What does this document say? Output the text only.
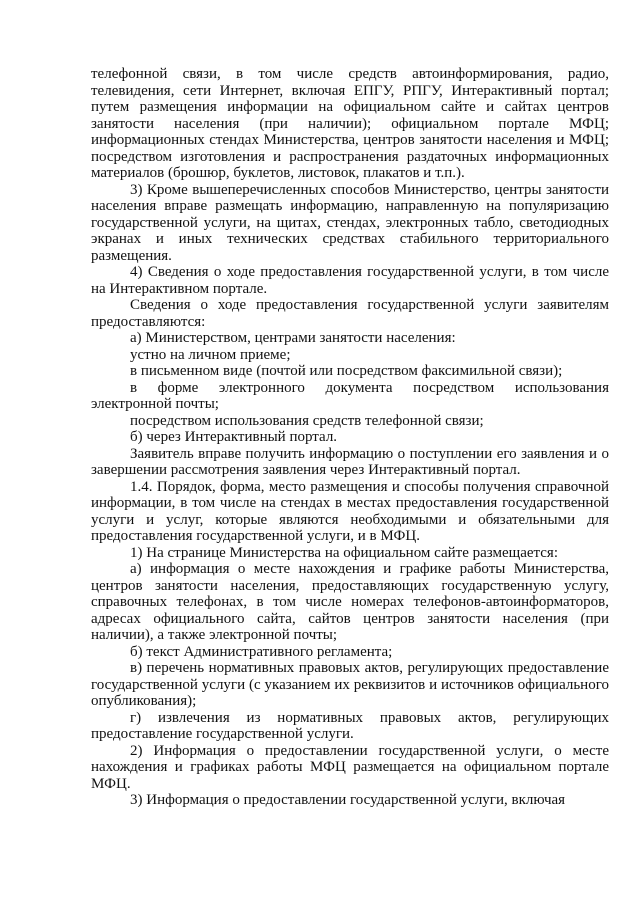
телефонной связи, в том числе средств автоинформирования, радио, телевидения, сети Интернет, включая ЕПГУ, РПГУ, Интерактивный портал; путем размещения информации на официальном сайте и сайтах центров занятости населения (при наличии); официальном портале МФЦ; информационных стендах Министерства, центров занятости населения и МФЦ; посредством изготовления и распространения раздаточных информационных материалов (брошюр, буклетов, листовок, плакатов и т.п.).

3) Кроме вышеперечисленных способов Министерство, центры занятости населения вправе размещать информацию, направленную на популяризацию государственной услуги, на щитах, стендах, электронных табло, светодиодных экранах и иных технических средствах стабильного территориального размещения.

4) Сведения о ходе предоставления государственной услуги, в том числе на Интерактивном портале.

Сведения о ходе предоставления государственной услуги заявителям предоставляются:

а) Министерством, центрами занятости населения:

устно на личном приеме;

в письменном виде (почтой или посредством факсимильной связи);

в форме электронного документа посредством использования электронной почты;

посредством использования средств телефонной связи;

б) через Интерактивный портал.

Заявитель вправе получить информацию о поступлении его заявления и о завершении рассмотрения заявления через Интерактивный портал.

1.4. Порядок, форма, место размещения и способы получения справочной информации, в том числе на стендах в местах предоставления государственной услуги и услуг, которые являются необходимыми и обязательными для предоставления государственной услуги, и в МФЦ.

1) На странице Министерства на официальном сайте размещается:

а) информация о месте нахождения и графике работы Министерства, центров занятости населения, предоставляющих государственную услугу, справочных телефонах, в том числе номерах телефонов-автоинформаторов, адресах официального сайта, сайтов центров занятости населения (при наличии), а также электронной почты;

б) текст Административного регламента;

в) перечень нормативных правовых актов, регулирующих предоставление государственной услуги (с указанием их реквизитов и источников официального опубликования);

г) извлечения из нормативных правовых актов, регулирующих предоставление государственной услуги.

2) Информация о предоставлении государственной услуги, о месте нахождения и графиках работы МФЦ размещается на официальном портале МФЦ.

3) Информация о предоставлении государственной услуги, включая
